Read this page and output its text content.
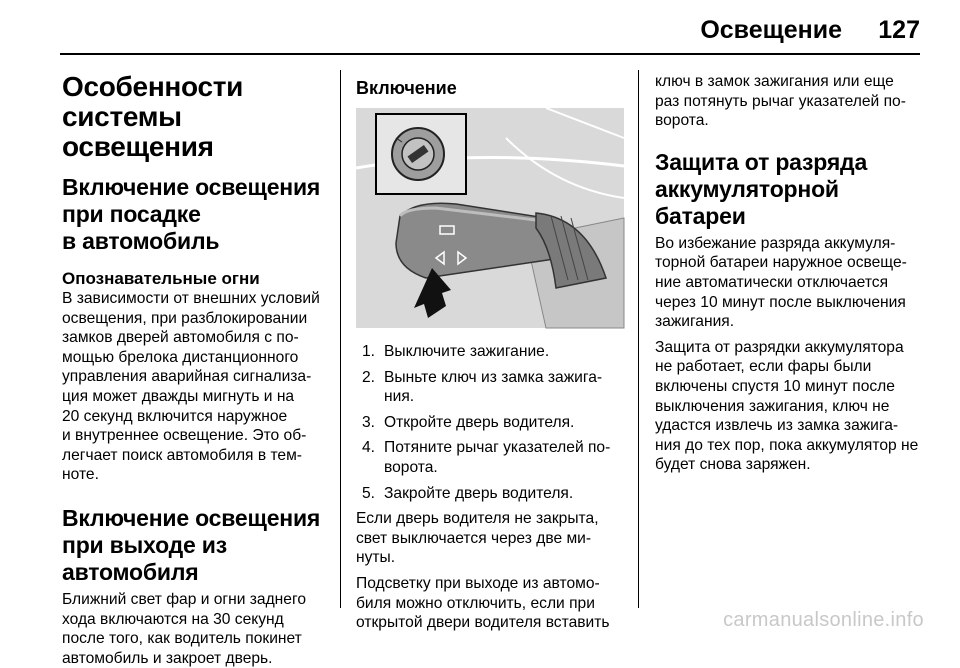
Освещение 127
Особенности системы
освещения
Включение освещения
при посадке
в автомобиль
Опознавательные огни
В зависимости от внешних условий
освещения, при разблокировании
замков дверей автомобиля с по-
мощью брелока дистанционного
управления аварийная сигнализа-
ция может дважды мигнуть и на
20 секунд включится наружное
и внутреннее освещение. Это об-
легчает поиск автомобиля в тем-
ноте.
Включение освещения
при выходе из
автомобиля
Ближний свет фар и огни заднего
хода включаются на 30 секунд
после того, как водитель покинет
автомобиль и закроет дверь.
Включение
1. Выключите зажигание.
2. Выньте ключ из замка зажига-
ния.
3. Откройте дверь водителя.
4. Потяните рычаг указателей по-
ворота.
5. Закройте дверь водителя.
Если дверь водителя не закрыта,
свет выключается через две ми-
нуты.
Подсветку при выходе из автомо-
биля можно отключить, если при
открытой двери водителя вставить
ключ в замок зажигания или еще
раз потянуть рычаг указателей по-
ворота.
Защита от разряда
аккумуляторной батареи
Во избежание разряда аккумуля-
торной батареи наружное освеще-
ние автоматически отключается
через 10 минут после выключения
зажигания.
Защита от разрядки аккумулятора
не работает, если фары были
включены спустя 10 минут после
выключения зажигания, ключ не
удастся извлечь из замка зажига-
ния до тех пор, пока аккумулятор не
будет снова заряжен.
carmanualsonline.info
